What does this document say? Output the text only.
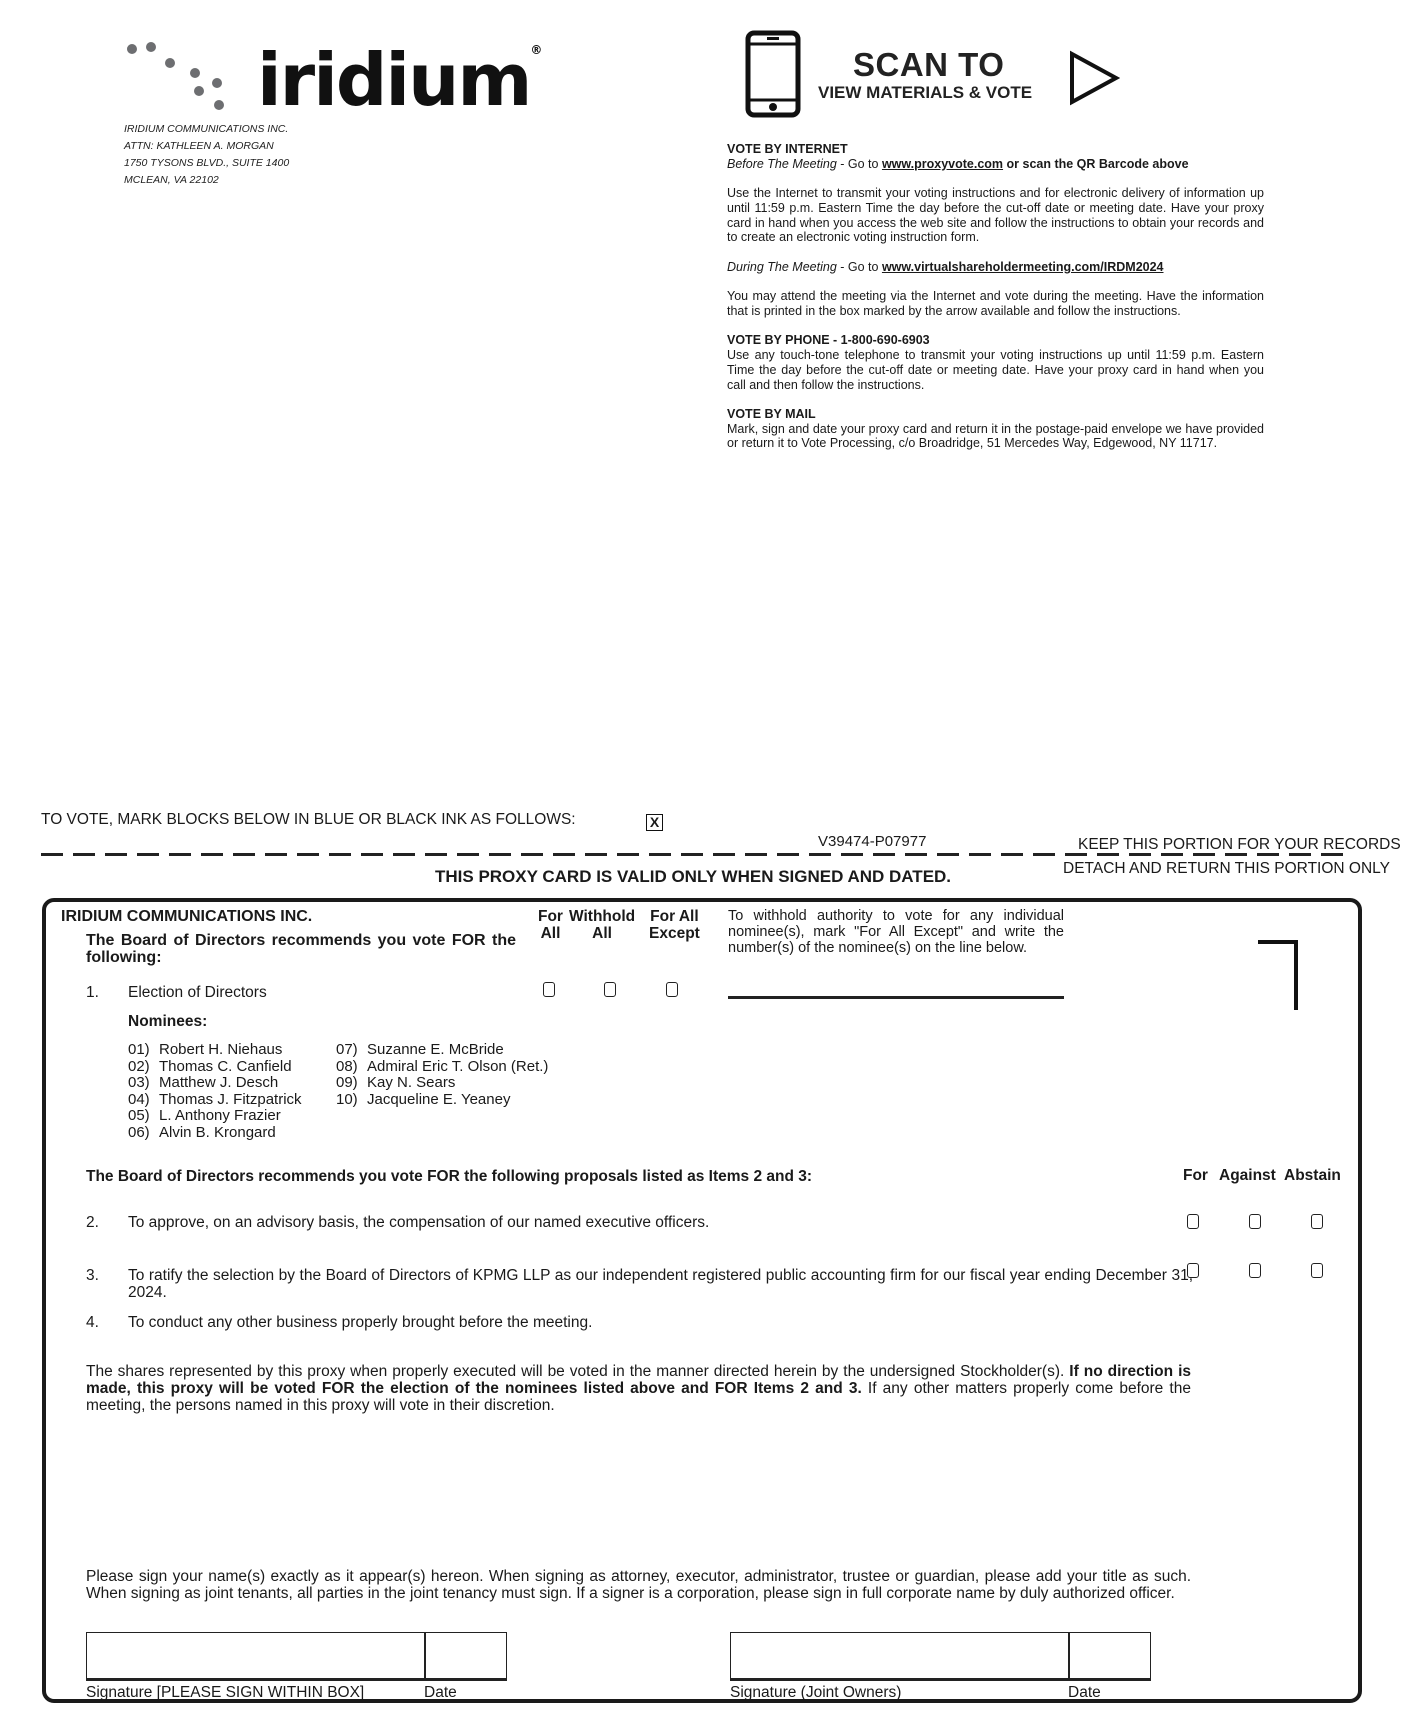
iridium®
IRIDIUM COMMUNICATIONS INC.
ATTN: KATHLEEN A. MORGAN
1750 TYSONS BLVD., SUITE 1400
MCLEAN, VA 22102
SCAN TO
VIEW MATERIALS & VOTE
VOTE BY INTERNET

Before The Meeting - Go to www.proxyvote.com or scan the QR Barcode above

Use the Internet to transmit your voting instructions and for electronic delivery of information up until 11:59 p.m. Eastern Time the day before the cut-off date or meeting date. Have your proxy card in hand when you access the web site and follow the instructions to obtain your records and to create an electronic voting instruction form.

During The Meeting - Go to www.virtualshareholdermeeting.com/IRDM2024

You may attend the meeting via the Internet and vote during the meeting. Have the information that is printed in the box marked by the arrow available and follow the instructions.

VOTE BY PHONE - 1-800-690-6903

Use any touch-tone telephone to transmit your voting instructions up until 11:59 p.m. Eastern Time the day before the cut-off date or meeting date. Have your proxy card in hand when you call and then follow the instructions.

VOTE BY MAIL

Mark, sign and date your proxy card and return it in the postage-paid envelope we have provided or return it to Vote Processing, c/o Broadridge, 51 Mercedes Way, Edgewood, NY 11717.

TO VOTE, MARK BLOCKS BELOW IN BLUE OR BLACK INK AS FOLLOWS:	X
V39474-P07977	KEEP THIS PORTION FOR YOUR RECORDS
DETACH AND RETURN THIS PORTION ONLY
THIS PROXY CARD IS VALID ONLY WHEN SIGNED AND DATED.
IRIDIUM COMMUNICATIONS INC.
The Board of Directors recommends you vote FOR the following:
For
All
Withhold
All
For All
Except
To withhold authority to vote for any individual nominee(s), mark "For All Except" and write the number(s) of the nominee(s) on the line below.
1. Election of Directors
Nominees:
01) Robert H. Niehaus
02) Thomas C. Canfield
03) Matthew J. Desch
04) Thomas J. Fitzpatrick
05) L. Anthony Frazier
06) Alvin B. Krongard
07) Suzanne E. McBride
08) Admiral Eric T. Olson (Ret.)
09) Kay N. Sears
10) Jacqueline E. Yeaney
The Board of Directors recommends you vote FOR the following proposals listed as Items 2 and 3:	For Against Abstain
2. To approve, on an advisory basis, the compensation of our named executive officers.
3. To ratify the selection by the Board of Directors of KPMG LLP as our independent registered public accounting firm for our fiscal year ending December 31, 2024.
4. To conduct any other business properly brought before the meeting.
The shares represented by this proxy when properly executed will be voted in the manner directed herein by the undersigned Stockholder(s). If no direction is made, this proxy will be voted FOR the election of the nominees listed above and FOR Items 2 and 3. If any other matters properly come before the meeting, the persons named in this proxy will vote in their discretion.
Please sign your name(s) exactly as it appear(s) hereon. When signing as attorney, executor, administrator, trustee or guardian, please add your title as such. When signing as joint tenants, all parties in the joint tenancy must sign. If a signer is a corporation, please sign in full corporate name by duly authorized officer.
Signature [PLEASE SIGN WITHIN BOX]	Date	Signature (Joint Owners)	Date
